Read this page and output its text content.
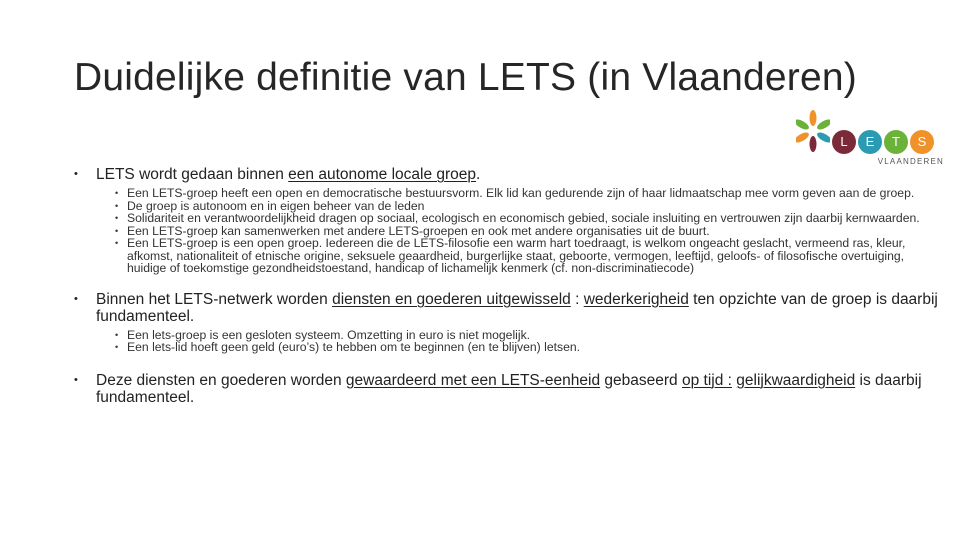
Duidelijke definitie van LETS (in Vlaanderen)
L	E	T	S
VLAANDEREN
• LETS wordt gedaan binnen een autonome locale groep.
• Een LETS-groep heeft een open en democratische bestuursvorm. Elk lid kan gedurende zijn of haar lidmaatschap mee vorm geven aan de groep.
• De groep is autonoom en in eigen beheer van de leden
• Solidariteit en verantwoordelijkheid dragen op sociaal, ecologisch en economisch gebied, sociale insluiting en vertrouwen zijn daarbij kernwaarden.
• Een LETS-groep kan samenwerken met andere LETS-groepen en ook met andere organisaties uit de buurt.
• Een LETS-groep is een open groep. Iedereen die de LETS-filosofie een warm hart toedraagt, is welkom ongeacht geslacht, vermeend ras, kleur, afkomst, nationaliteit of etnische origine, seksuele geaardheid, burgerlijke staat, geboorte, vermogen, leeftijd, geloofs- of filosofische overtuiging, huidige of toekomstige gezondheidstoestand, handicap of lichamelijk kenmerk (cf. non-discriminatiecode)
• Binnen het LETS-netwerk worden diensten en goederen uitgewisseld : wederkerigheid ten opzichte van de groep is daarbij fundamenteel.
• Een lets-groep is een gesloten systeem. Omzetting in euro is niet mogelijk.
• Een lets-lid hoeft geen geld (euro’s) te hebben om te beginnen (en te blijven) letsen.
• Deze diensten en goederen worden gewaardeerd met een LETS-eenheid gebaseerd op tijd : gelijkwaardigheid is daarbij fundamenteel.
